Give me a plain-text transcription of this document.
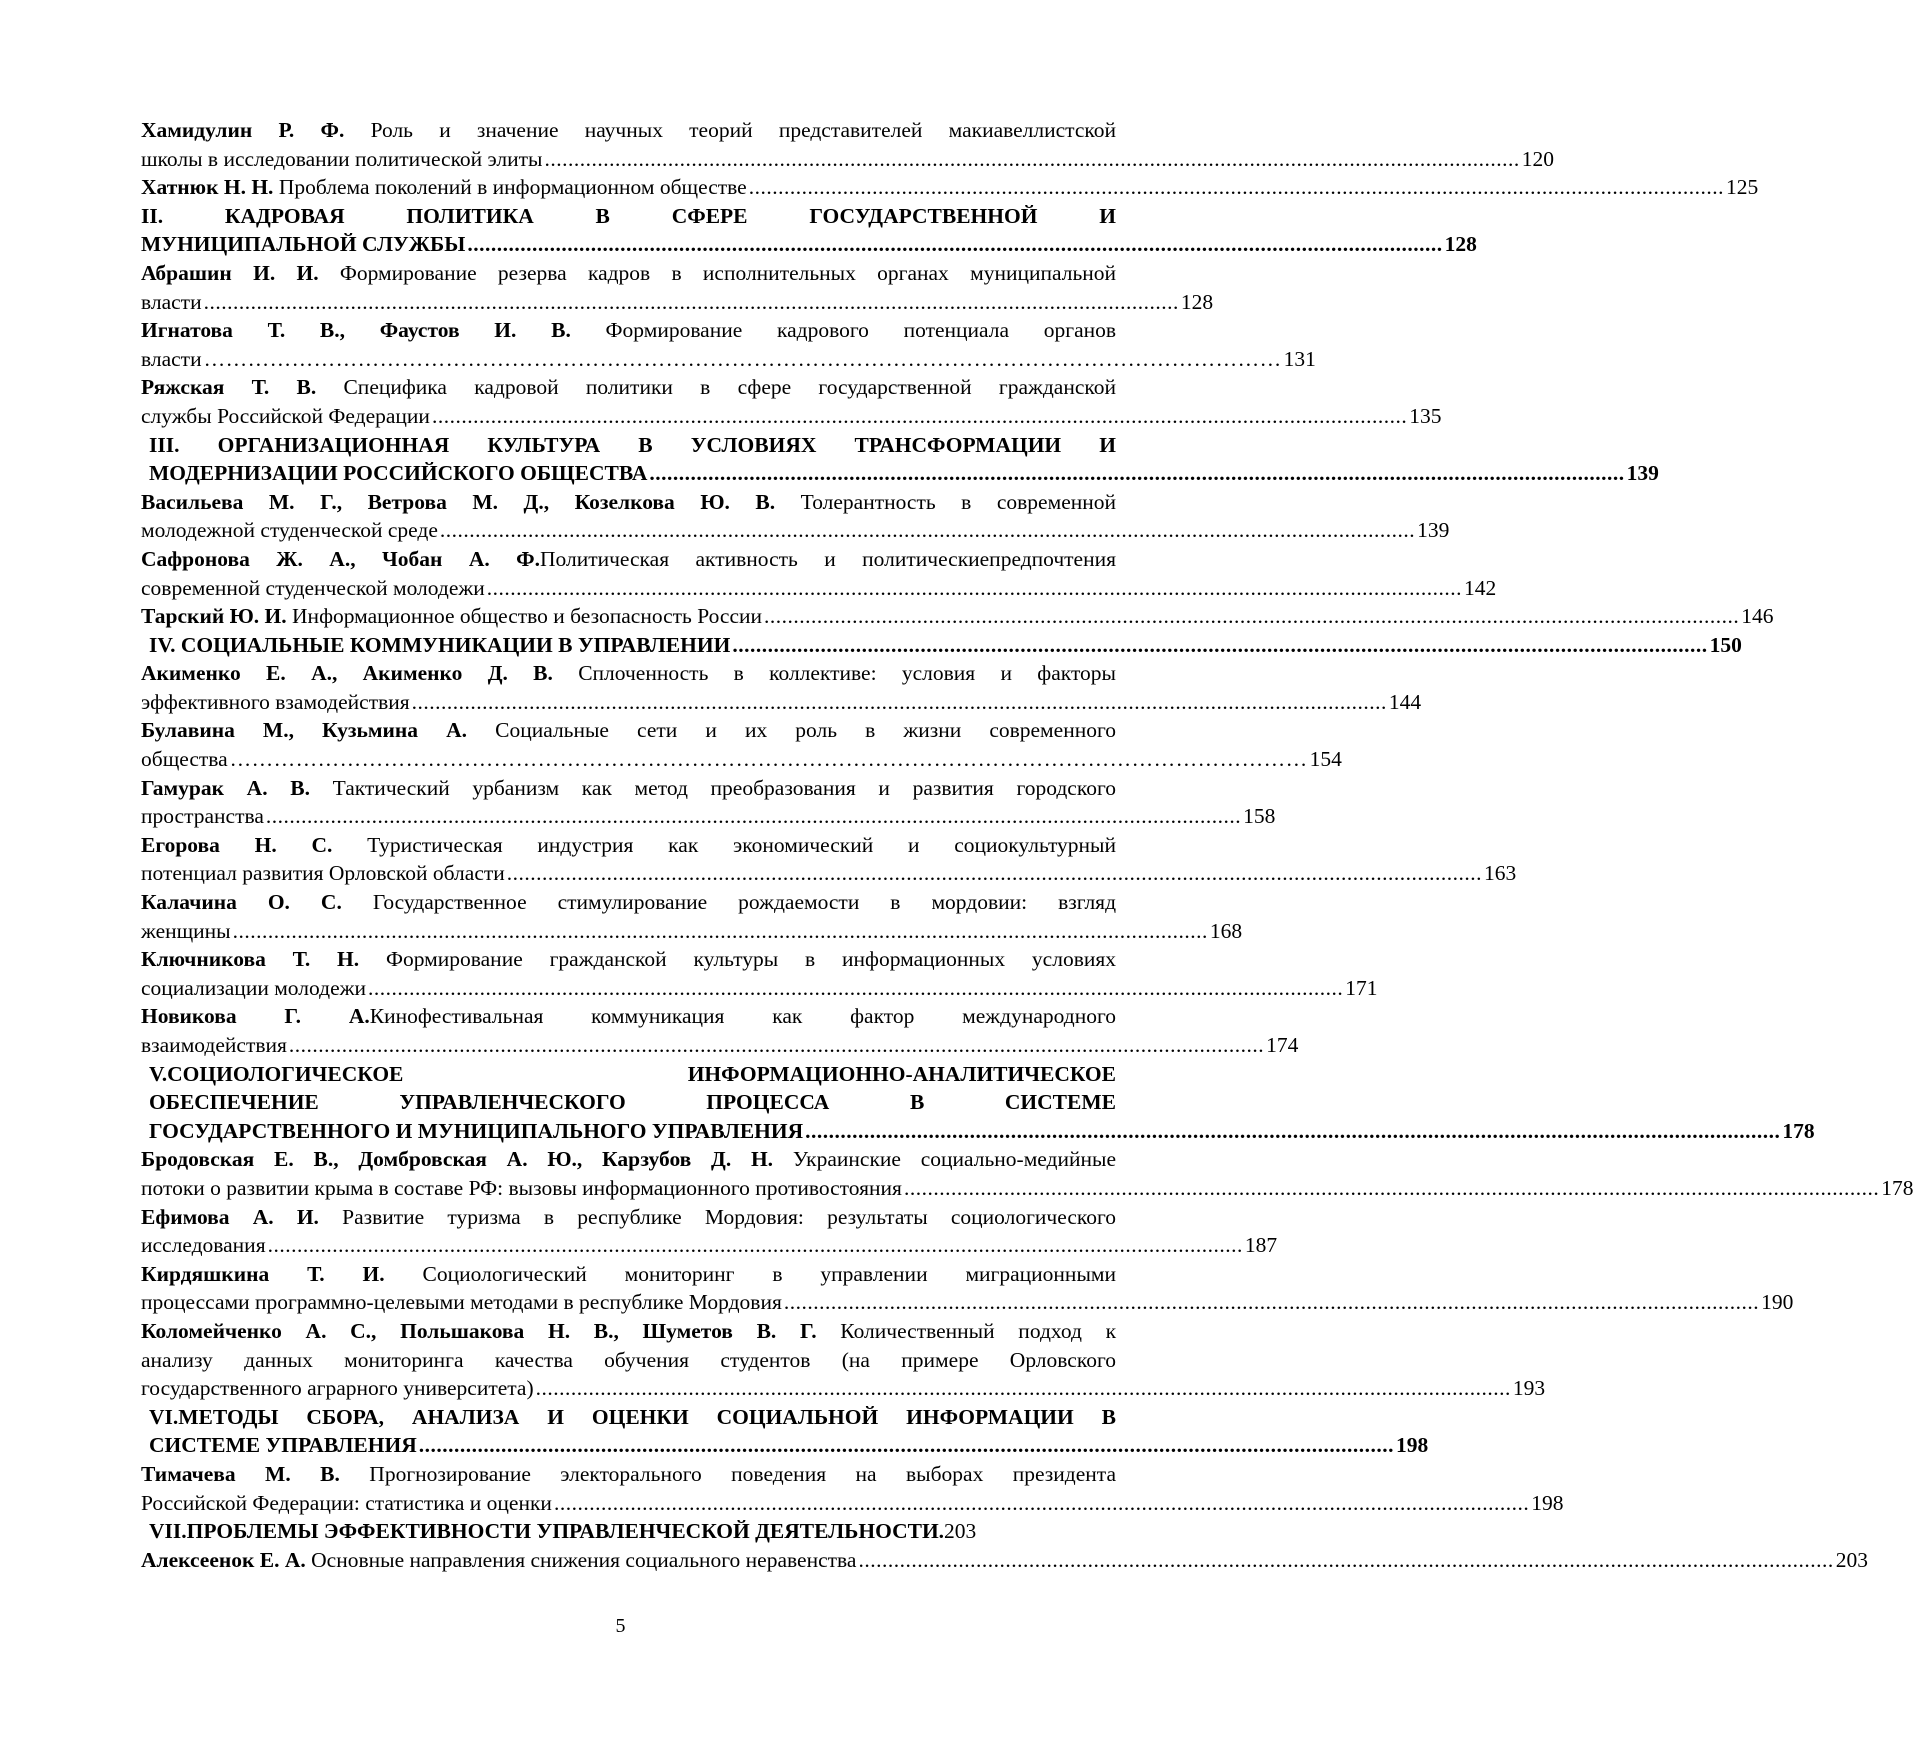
Хамидулин Р. Ф. Роль и значение научных теорий представителей макиавеллистской
школы в исследовании политической элиты ...................................................................................................................................................................... 120
Хатнюк Н. Н. Проблема поколений в информационном обществе ...................................................................................................................................................................... 125
II. КАДРОВАЯ ПОЛИТИКА В СФЕРЕ ГОСУДАРСТВЕННОЙ И
МУНИЦИПАЛЬНОЙ СЛУЖБЫ ...................................................................................................................................................................... 128
Абрашин И. И. Формирование резерва кадров в исполнительных органах муниципальной
власти ...................................................................................................................................................................... 128
Игнатова Т. В., Фаустов И. В. Формирование кадрового потенциала органов
власти ………………………………………………………………………………………………………………………………… 131
Ряжская Т. В. Специфика кадровой политики в сфере государственной гражданской
службы Российской Федерации ...................................................................................................................................................................... 135
III. ОРГАНИЗАЦИОННАЯ КУЛЬТУРА В УСЛОВИЯХ ТРАНСФОРМАЦИИ И
МОДЕРНИЗАЦИИ РОССИЙСКОГО ОБЩЕСТВА ...................................................................................................................................................................... 139
Васильева М. Г., Ветрова М. Д., Козелкова Ю. В. Толерантность в современной
молодежной студенческой среде ...................................................................................................................................................................... 139
Сафронова Ж. А., Чобан А. Ф.Политическая активность и политическиепредпочтения
современной студенческой молодежи ...................................................................................................................................................................... 142
Тарский Ю. И. Информационное общество и безопасность России ...................................................................................................................................................................... 146
IV. СОЦИАЛЬНЫЕ КОММУНИКАЦИИ В УПРАВЛЕНИИ ...................................................................................................................................................................... 150
Акименко Е. А., Акименко Д. В. Сплоченность в коллективе: условия и факторы
эффективного взамодействия ...................................................................................................................................................................... 144
Булавина М., Кузьмина А. Социальные сети и их роль в жизни современного
общества ………………………………………………………………………………………………………………………………… 154
Гамурак А. В. Тактический урбанизм как метод преобразования и развития городского
пространства ...................................................................................................................................................................... 158
Егорова Н. С. Туристическая индустрия как экономический и социокультурный
потенциал развития Орловской области ...................................................................................................................................................................... 163
Калачина О. С. Государственное стимулирование рождаемости в мордовии: взгляд
женщины ...................................................................................................................................................................... 168
Ключникова Т. Н. Формирование гражданской культуры в информационных условиях
социализации молодежи ...................................................................................................................................................................... 171
Новикова Г. А.Кинофестивальная коммуникация как фактор международного
взаимодействия ...................................................................................................................................................................... 174
V.СОЦИОЛОГИЧЕСКОЕ ИНФОРМАЦИОННО-АНАЛИТИЧЕСКОЕ
ОБЕСПЕЧЕНИЕ УПРАВЛЕНЧЕСКОГО ПРОЦЕССА В СИСТЕМЕ
ГОСУДАРСТВЕННОГО И МУНИЦИПАЛЬНОГО УПРАВЛЕНИЯ ...................................................................................................................................................................... 178
Бродовская Е. В., Домбровская А. Ю., Карзубов Д. Н. Украинские социально-медийные
потоки о развитии крыма в составе РФ: вызовы информационного противостояния ...................................................................................................................................................................... 178
Ефимова А. И. Развитие туризма в республике Мордовия: результаты социологического
исследования ...................................................................................................................................................................... 187
Кирдяшкина Т. И. Социологический мониторинг в управлении миграционными
процессами программно-целевыми методами в республике Мордовия ...................................................................................................................................................................... 190
Коломейченко А. С., Польшакова Н. В., Шуметов В. Г. Количественный подход к
анализу данных мониторинга качества обучения студентов (на примере Орловского
государственного аграрного университета) ...................................................................................................................................................................... 193
VI.МЕТОДЫ СБОРА, АНАЛИЗА И ОЦЕНКИ СОЦИАЛЬНОЙ ИНФОРМАЦИИ В
СИСТЕМЕ УПРАВЛЕНИЯ ...................................................................................................................................................................... 198
Тимачева М. В. Прогнозирование электорального поведения на выборах президента
Российской Федерации: статистика и оценки ...................................................................................................................................................................... 198
VII.ПРОБЛЕМЫ ЭФФЕКТИВНОСТИ УПРАВЛЕНЧЕСКОЙ ДЕЯТЕЛЬНОСТИ.203
Алексеенок Е. А. Основные направления снижения социального неравенства ...................................................................................................................................................................... 203
5
